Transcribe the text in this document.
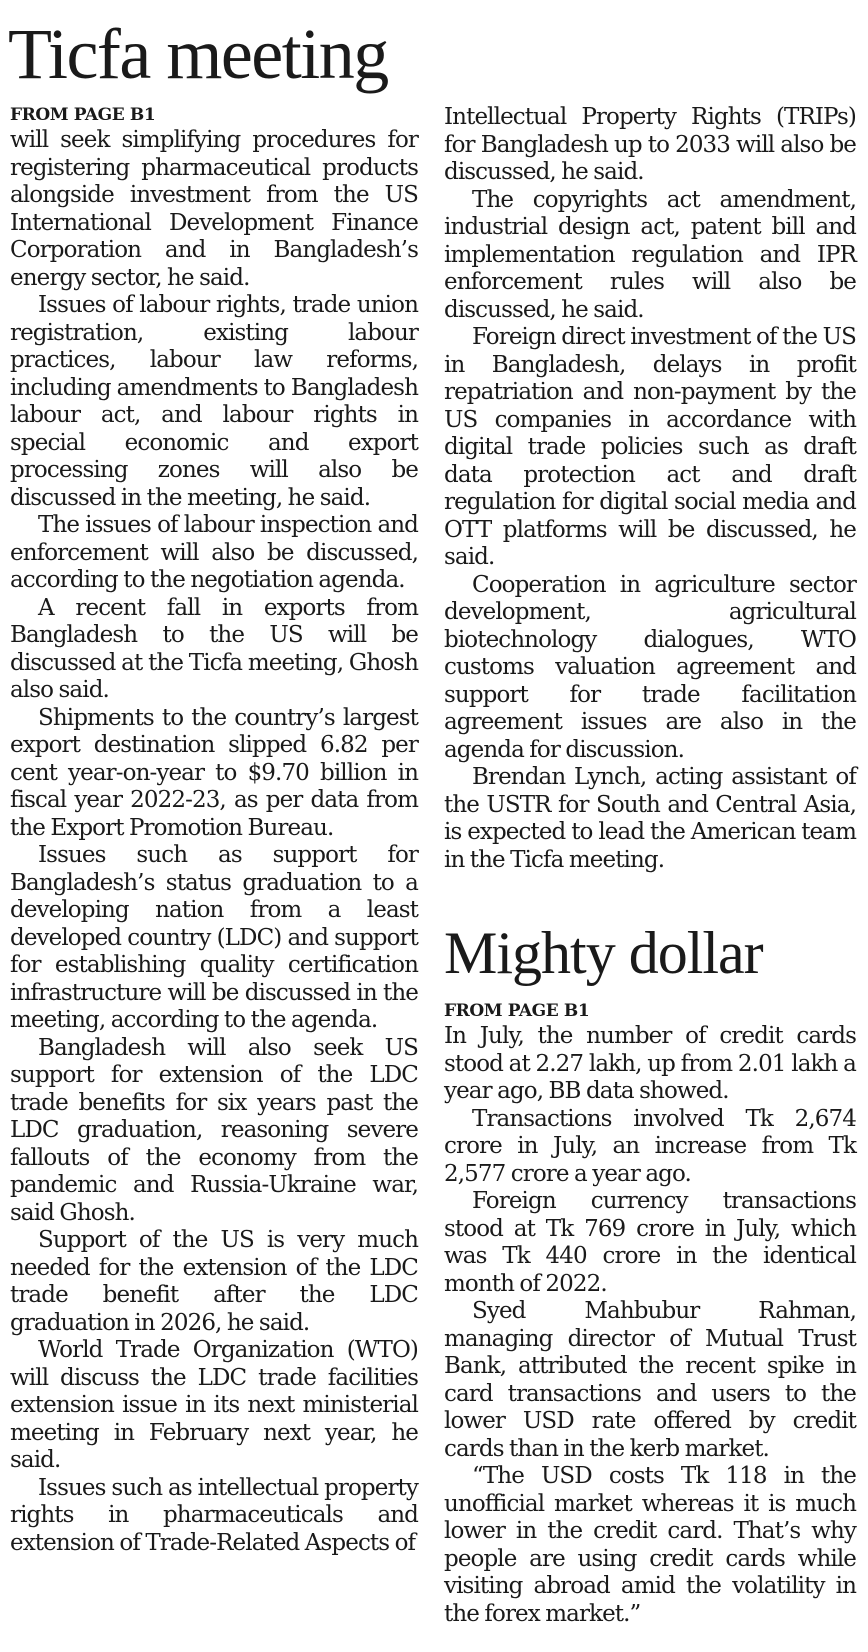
Ticfa meeting
FROM PAGE B1

will seek simplifying procedures for registering pharmaceutical products alongside investment from the US International Development Finance Corporation and in Bangladesh’s energy sector, he said.

Issues of labour rights, trade union registration, existing labour practices, labour law reforms, including amendments to Bangladesh labour act, and labour rights in special economic and export processing zones will also be discussed in the meeting, he said.

The issues of labour inspection and enforcement will also be discussed, according to the negotiation agenda.

A recent fall in exports from Bangladesh to the US will be discussed at the Ticfa meeting, Ghosh also said.

Shipments to the country’s largest export destination slipped 6.82 per cent year-on-year to $9.70 billion in fiscal year 2022-23, as per data from the Export Promotion Bureau.

Issues such as support for Bangladesh’s status graduation to a developing nation from a least developed country (LDC) and support for establishing quality certification infrastructure will be discussed in the meeting, according to the agenda.

Bangladesh will also seek US support for extension of the LDC trade benefits for six years past the LDC graduation, reasoning severe fallouts of the economy from the pandemic and Russia-Ukraine war, said Ghosh.

Support of the US is very much needed for the extension of the LDC trade benefit after the LDC graduation in 2026, he said.

World Trade Organization (WTO) will discuss the LDC trade facilities extension issue in its next ministerial meeting in February next year, he said.

Issues such as intellectual property rights in pharmaceuticals and extension of Trade-Related Aspects of

Intellectual Property Rights (TRIPs) for Bangladesh up to 2033 will also be discussed, he said.

The copyrights act amendment, industrial design act, patent bill and implementation regulation and IPR enforcement rules will also be discussed, he said.

Foreign direct investment of the US in Bangladesh, delays in profit repatriation and non-payment by the US companies in accordance with digital trade policies such as draft data protection act and draft regulation for digital social media and OTT platforms will be discussed, he said.

Cooperation in agriculture sector development, agricultural biotechnology dialogues, WTO customs valuation agreement and support for trade facilitation agreement issues are also in the agenda for discussion.

Brendan Lynch, acting assistant of the USTR for South and Central Asia, is expected to lead the American team in the Ticfa meeting.

Mighty dollar
FROM PAGE B1

In July, the number of credit cards stood at 2.27 lakh, up from 2.01 lakh a year ago, BB data showed.

Transactions involved Tk 2,674 crore in July, an increase from Tk 2,577 crore a year ago.

Foreign currency transactions stood at Tk 769 crore in July, which was Tk 440 crore in the identical month of 2022.

Syed Mahbubur Rahman, managing director of Mutual Trust Bank, attributed the recent spike in card transactions and users to the lower USD rate offered by credit cards than in the kerb market.

“The USD costs Tk 118 in the unofficial market whereas it is much lower in the credit card. That’s why people are using credit cards while visiting abroad amid the volatility in the forex market.”
